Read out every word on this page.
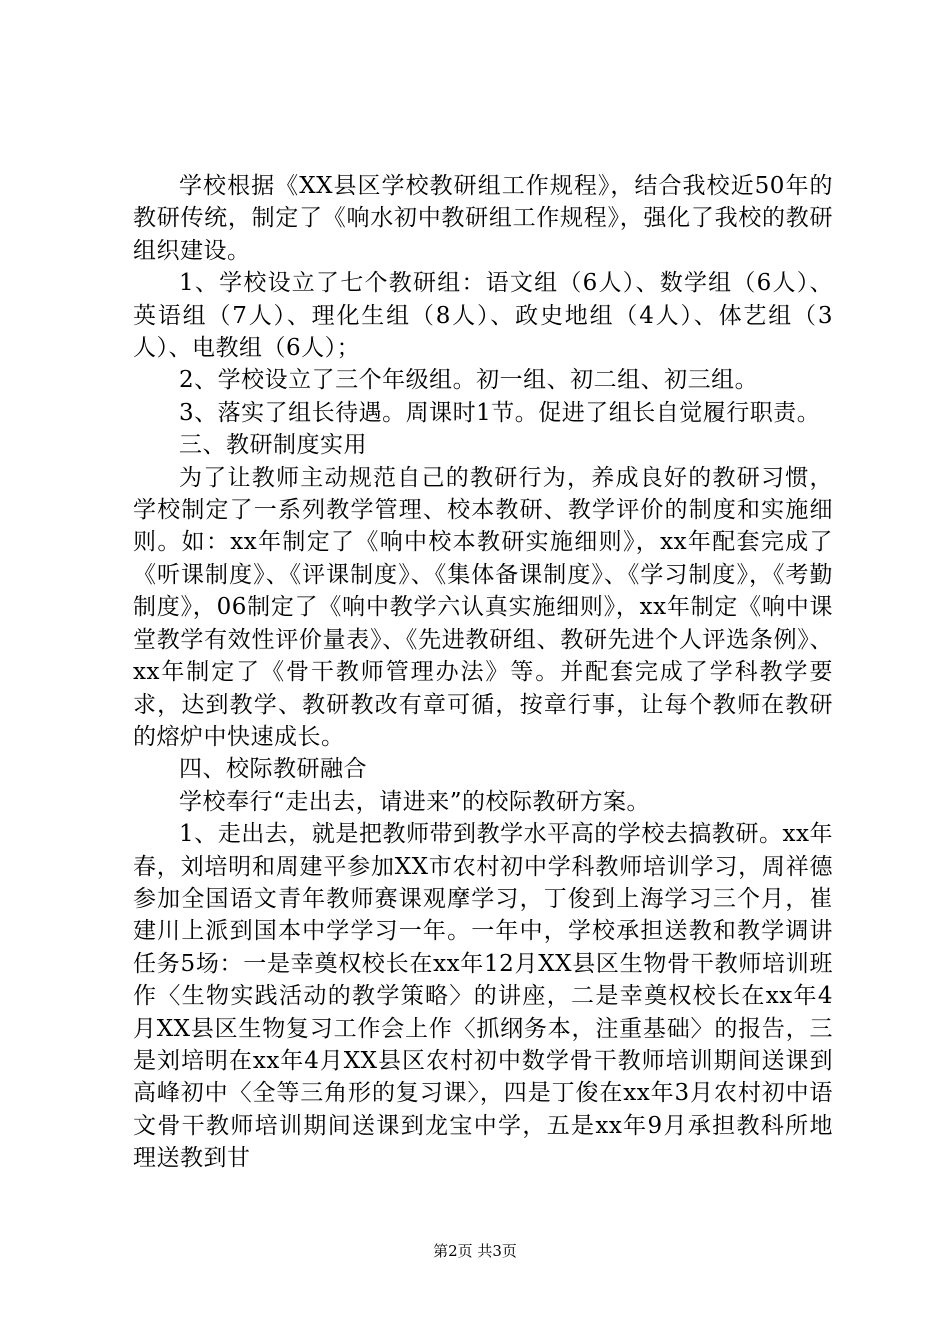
学校根据《XX县区学校教研组工作规程》，结合我校近50年的教研传统，制定了《响水初中教研组工作规程》，强化了我校的教研组织建设。

1、学校设立了七个教研组：语文组（6人）、数学组（6人）、英语组（7人）、理化生组（8人）、政史地组（4人）、体艺组（3人）、电教组（6人）；

2、学校设立了三个年级组。初一组、初二组、初三组。

3、落实了组长待遇。周课时1节。促进了组长自觉履行职责。

三、教研制度实用

为了让教师主动规范自己的教研行为，养成良好的教研习惯，学校制定了一系列教学管理、校本教研、教学评价的制度和实施细则。如：xx年制定了《响中校本教研实施细则》，xx年配套完成了《听课制度》、《评课制度》、《集体备课制度》、《学习制度》，《考勤制度》，06制定了《响中教学六认真实施细则》，xx年制定《响中课堂教学有效性评价量表》、《先进教研组、教研先进个人评选条例》、xx年制定了《骨干教师管理办法》等。并配套完成了学科教学要求，达到教学、教研教改有章可循，按章行事，让每个教师在教研的熔炉中快速成长。

四、校际教研融合

学校奉行“走出去，请进来”的校际教研方案。

1、走出去，就是把教师带到教学水平高的学校去搞教研。xx年春，刘培明和周建平参加XX市农村初中学科教师培训学习，周祥德参加全国语文青年教师赛课观摩学习，丁俊到上海学习三个月，崔建川上派到国本中学学习一年。一年中，学校承担送教和教学调讲任务5场：一是幸奠权校长在xx年12月XX县区生物骨干教师培训班作〈生物实践活动的教学策略〉的讲座，二是幸奠权校长在xx年4月XX县区生物复习工作会上作〈抓纲务本，注重基础〉的报告，三是刘培明在xx年4月XX县区农村初中数学骨干教师培训期间送课到高峰初中〈全等三角形的复习课〉，四是丁俊在xx年3月农村初中语文骨干教师培训期间送课到龙宝中学，五是xx年9月承担教科所地理送教到甘

第2页 共3页
